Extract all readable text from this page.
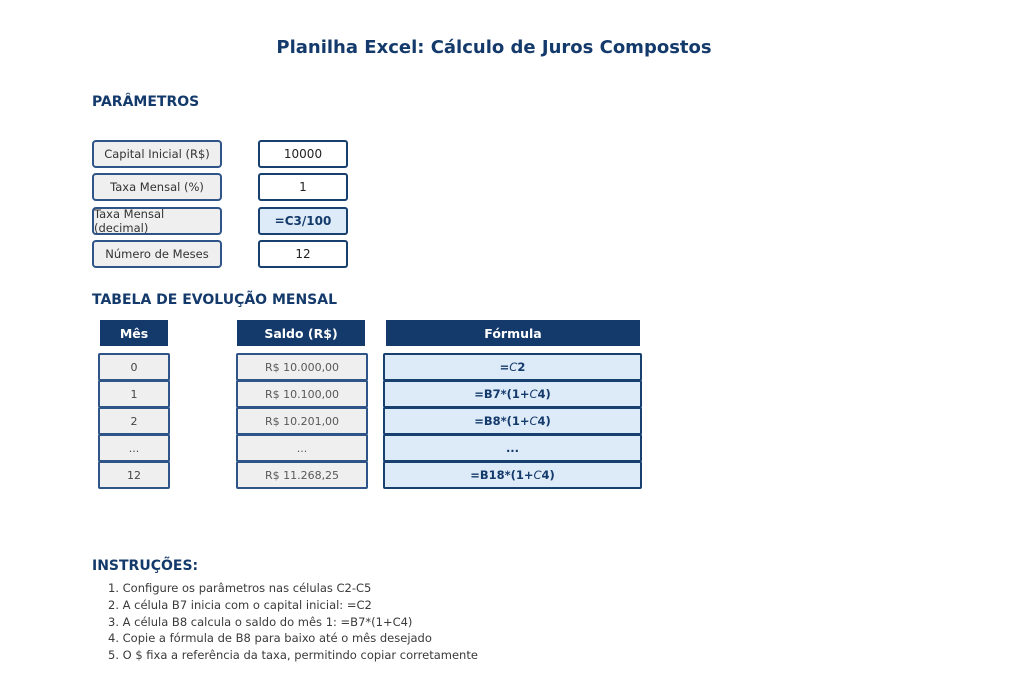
Planilha Excel: Cálculo de Juros Compostos
PARÂMETROS
Capital Inicial (R$)	10000
Taxa Mensal (%)	1
Taxa Mensal (decimal)	=C3/100
Número de Meses	12
TABELA DE EVOLUÇÃO MENSAL
Mês	Saldo (R$)	Fórmula
0	R$ 10.000,00	= C 2
1	R$ 10.100,00	=B7*(1+ C 4)
2	R$ 10.201,00	=B8*(1+ C 4)
...	...	...
12	R$ 11.268,25	=B18*(1+ C 4)
INSTRUÇÕES:
1. Configure os parâmetros nas células C2-C5
2. A célula B7 inicia com o capital inicial: =C2
3. A célula B8 calcula o saldo do mês 1: =B7*(1+C4)
4. Copie a fórmula de B8 para baixo até o mês desejado
5. O $ fixa a referência da taxa, permitindo copiar corretamente
